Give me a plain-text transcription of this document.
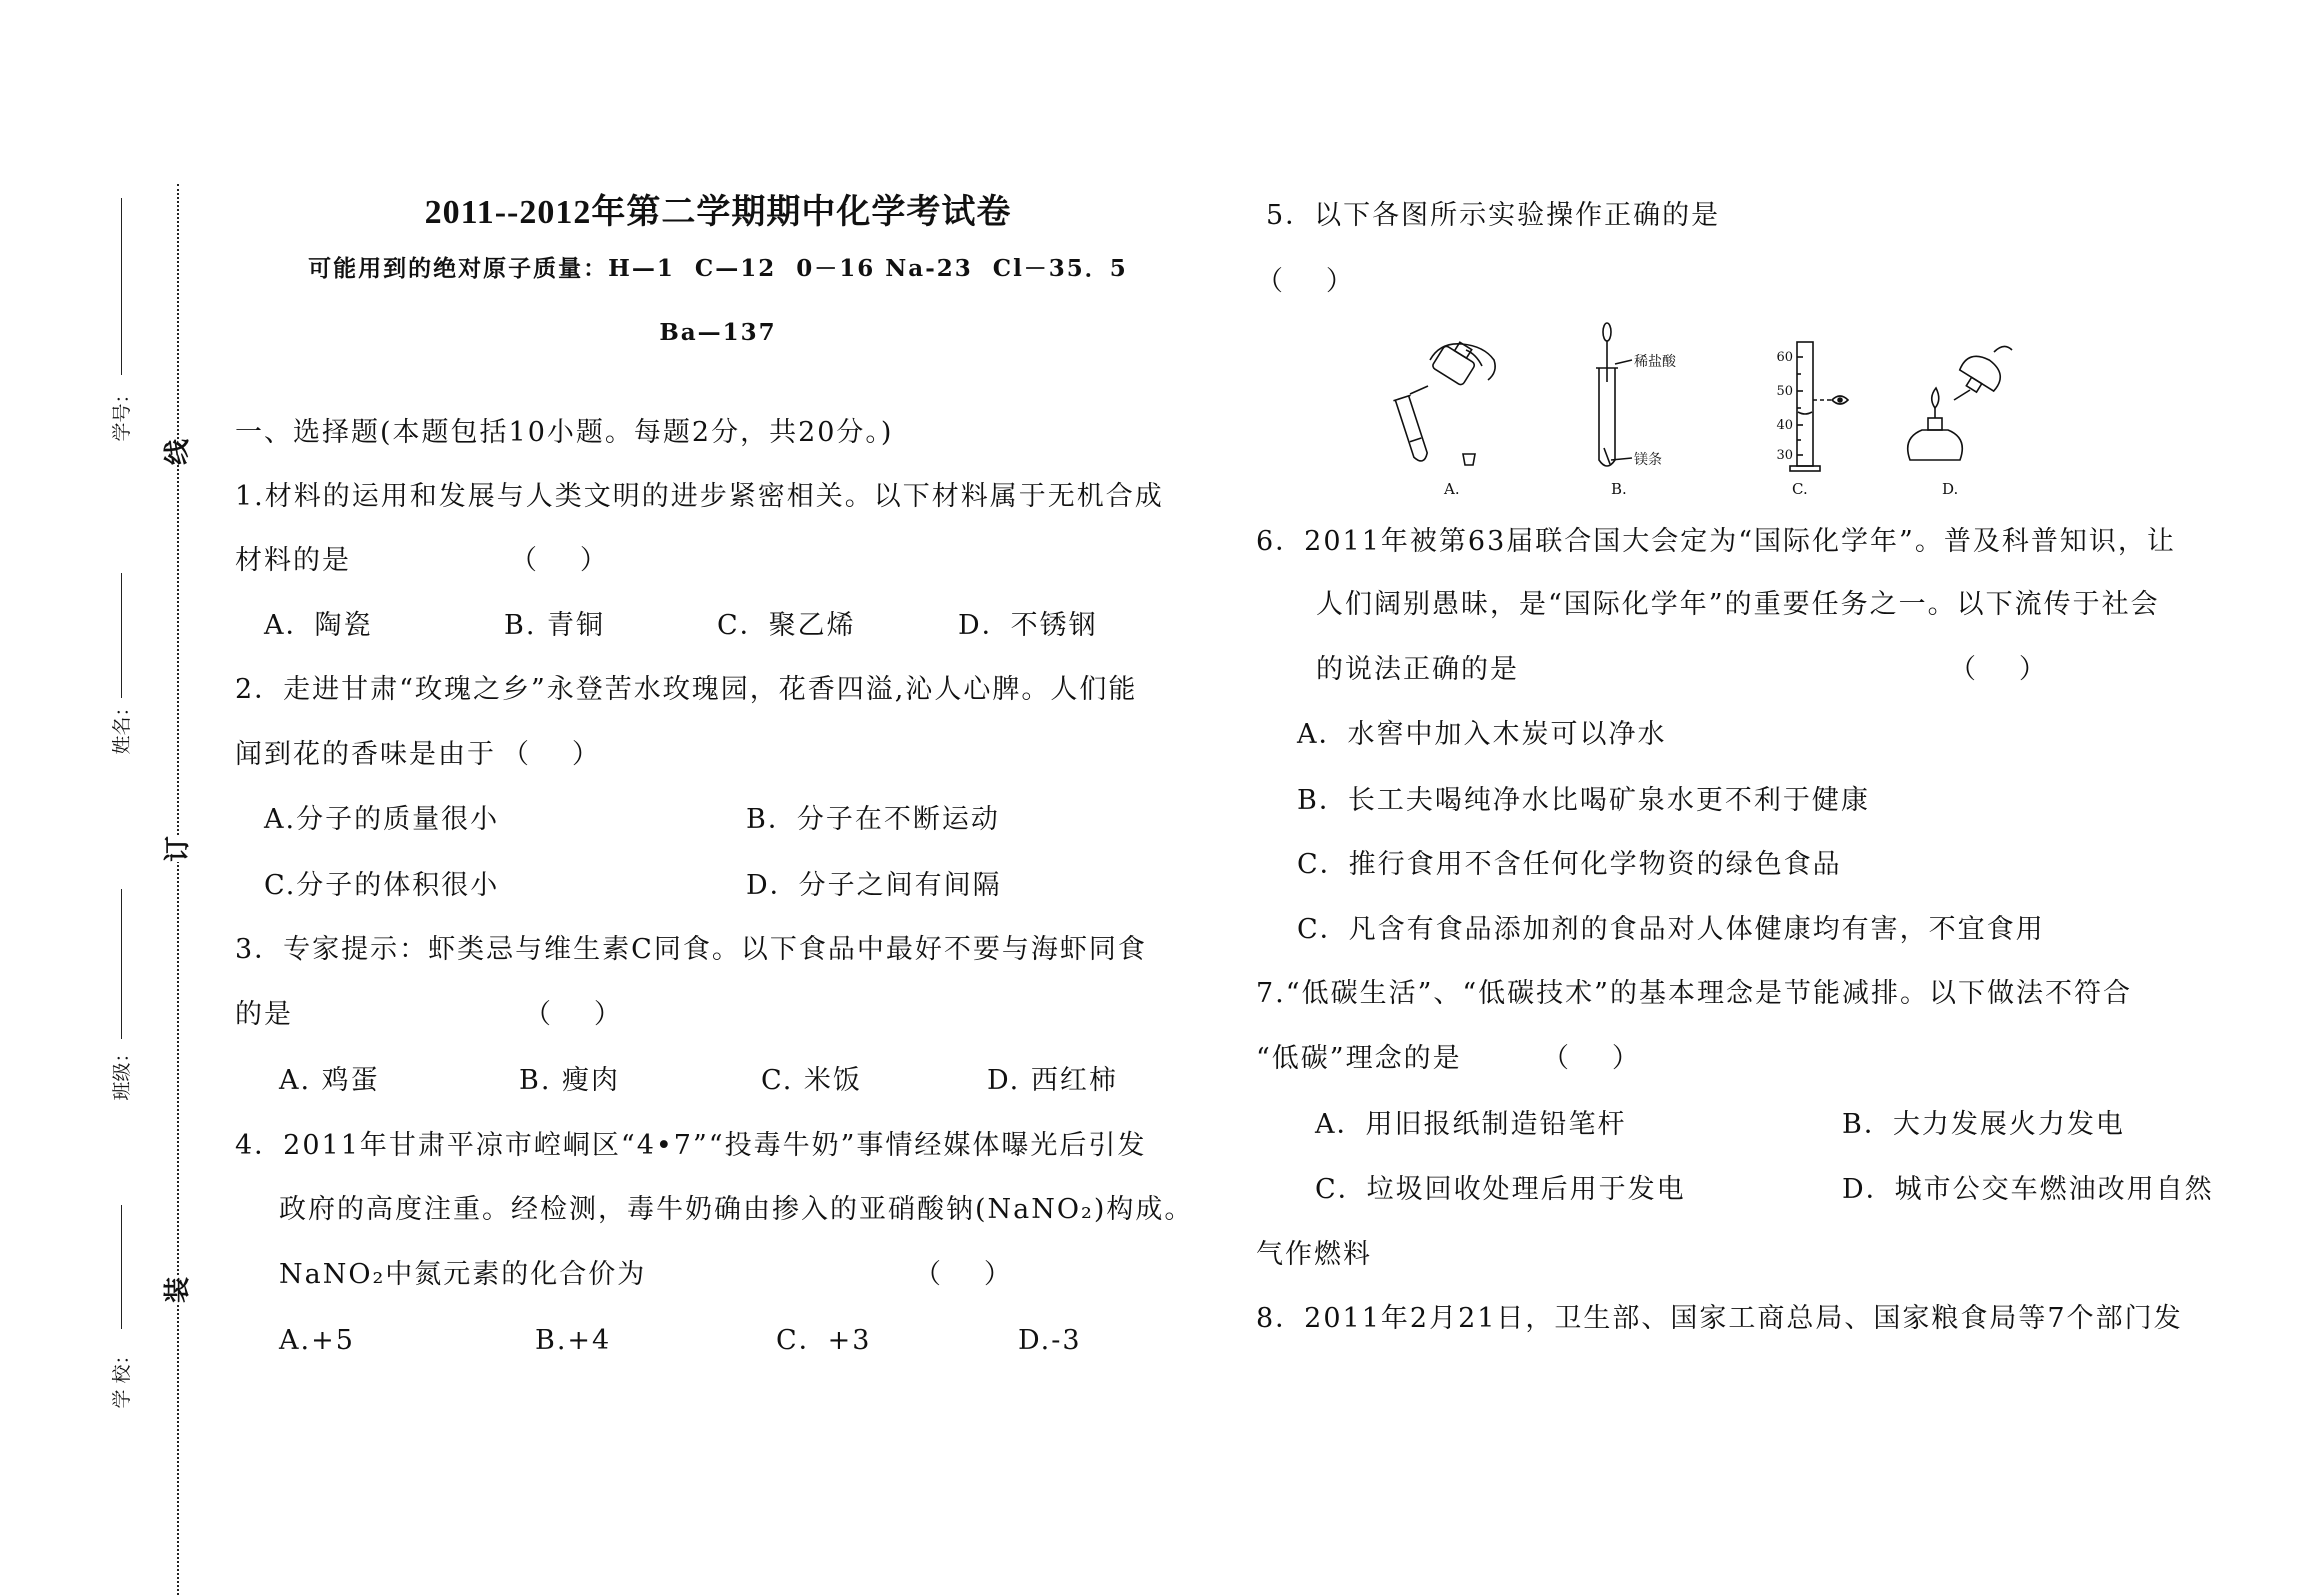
线
订
装
学号：
姓名：
班级：
学 校：
2011--2012年第二学期期中化学考试卷
可能用到的绝对原子质量：H—1  C—12  0－16 Na-23  Cl－35．5
Ba—137
一、选择题(本题包括10小题。每题2分，共20分。)
1.材料的运用和发展与人类文明的进步紧密相关。以下材料属于无机合成
材料的是	（     ）
A．陶瓷	B. 青铜	C．聚乙烯	D．不锈钢
2．走进甘肃“玫瑰之乡”永登苦水玫瑰园，花香四溢,沁人心脾。人们能
闻到花的香味是由于 （     ）
A.分子的质量很小	B．分子在不断运动
C.分子的体积很小	D．分子之间有间隔
3．专家提示：虾类忌与维生素C同食。以下食品中最好不要与海虾同食
的是	（     ）
A. 鸡蛋	B. 瘦肉	C. 米饭	D. 西红柿
4．2011年甘肃平凉市崆峒区“4•7”“投毒牛奶”事情经媒体曝光后引发
政府的高度注重。经检测，毒牛奶确由掺入的亚硝酸钠(NaNO₂)构成。
NaNO₂中氮元素的化合价为	（     ）
A.+5	B.+4	C．+3	D.-3
5．以下各图所示实验操作正确的是
（     ）
稀盐酸
镁条
60
50
40
30
A.	B.	C.	D.
6．2011年被第63届联合国大会定为“国际化学年”。普及科普知识，让
人们阔别愚昧，是“国际化学年”的重要任务之一。以下流传于社会
的说法正确的是	（     ）
A．水窖中加入木炭可以净水
B．长工夫喝纯净水比喝矿泉水更不利于健康
C．推行食用不含任何化学物资的绿色食品
C．凡含有食品添加剂的食品对人体健康均有害，不宜食用
7.“低碳生活”、“低碳技术”的基本理念是节能减排。以下做法不符合
“低碳”理念的是	（     ）
A．用旧报纸制造铅笔杆	B．大力发展火力发电
C．垃圾回收处理后用于发电	D．城市公交车燃油改用自然
气作燃料
8．2011年2月21日，卫生部、国家工商总局、国家粮食局等7个部门发
